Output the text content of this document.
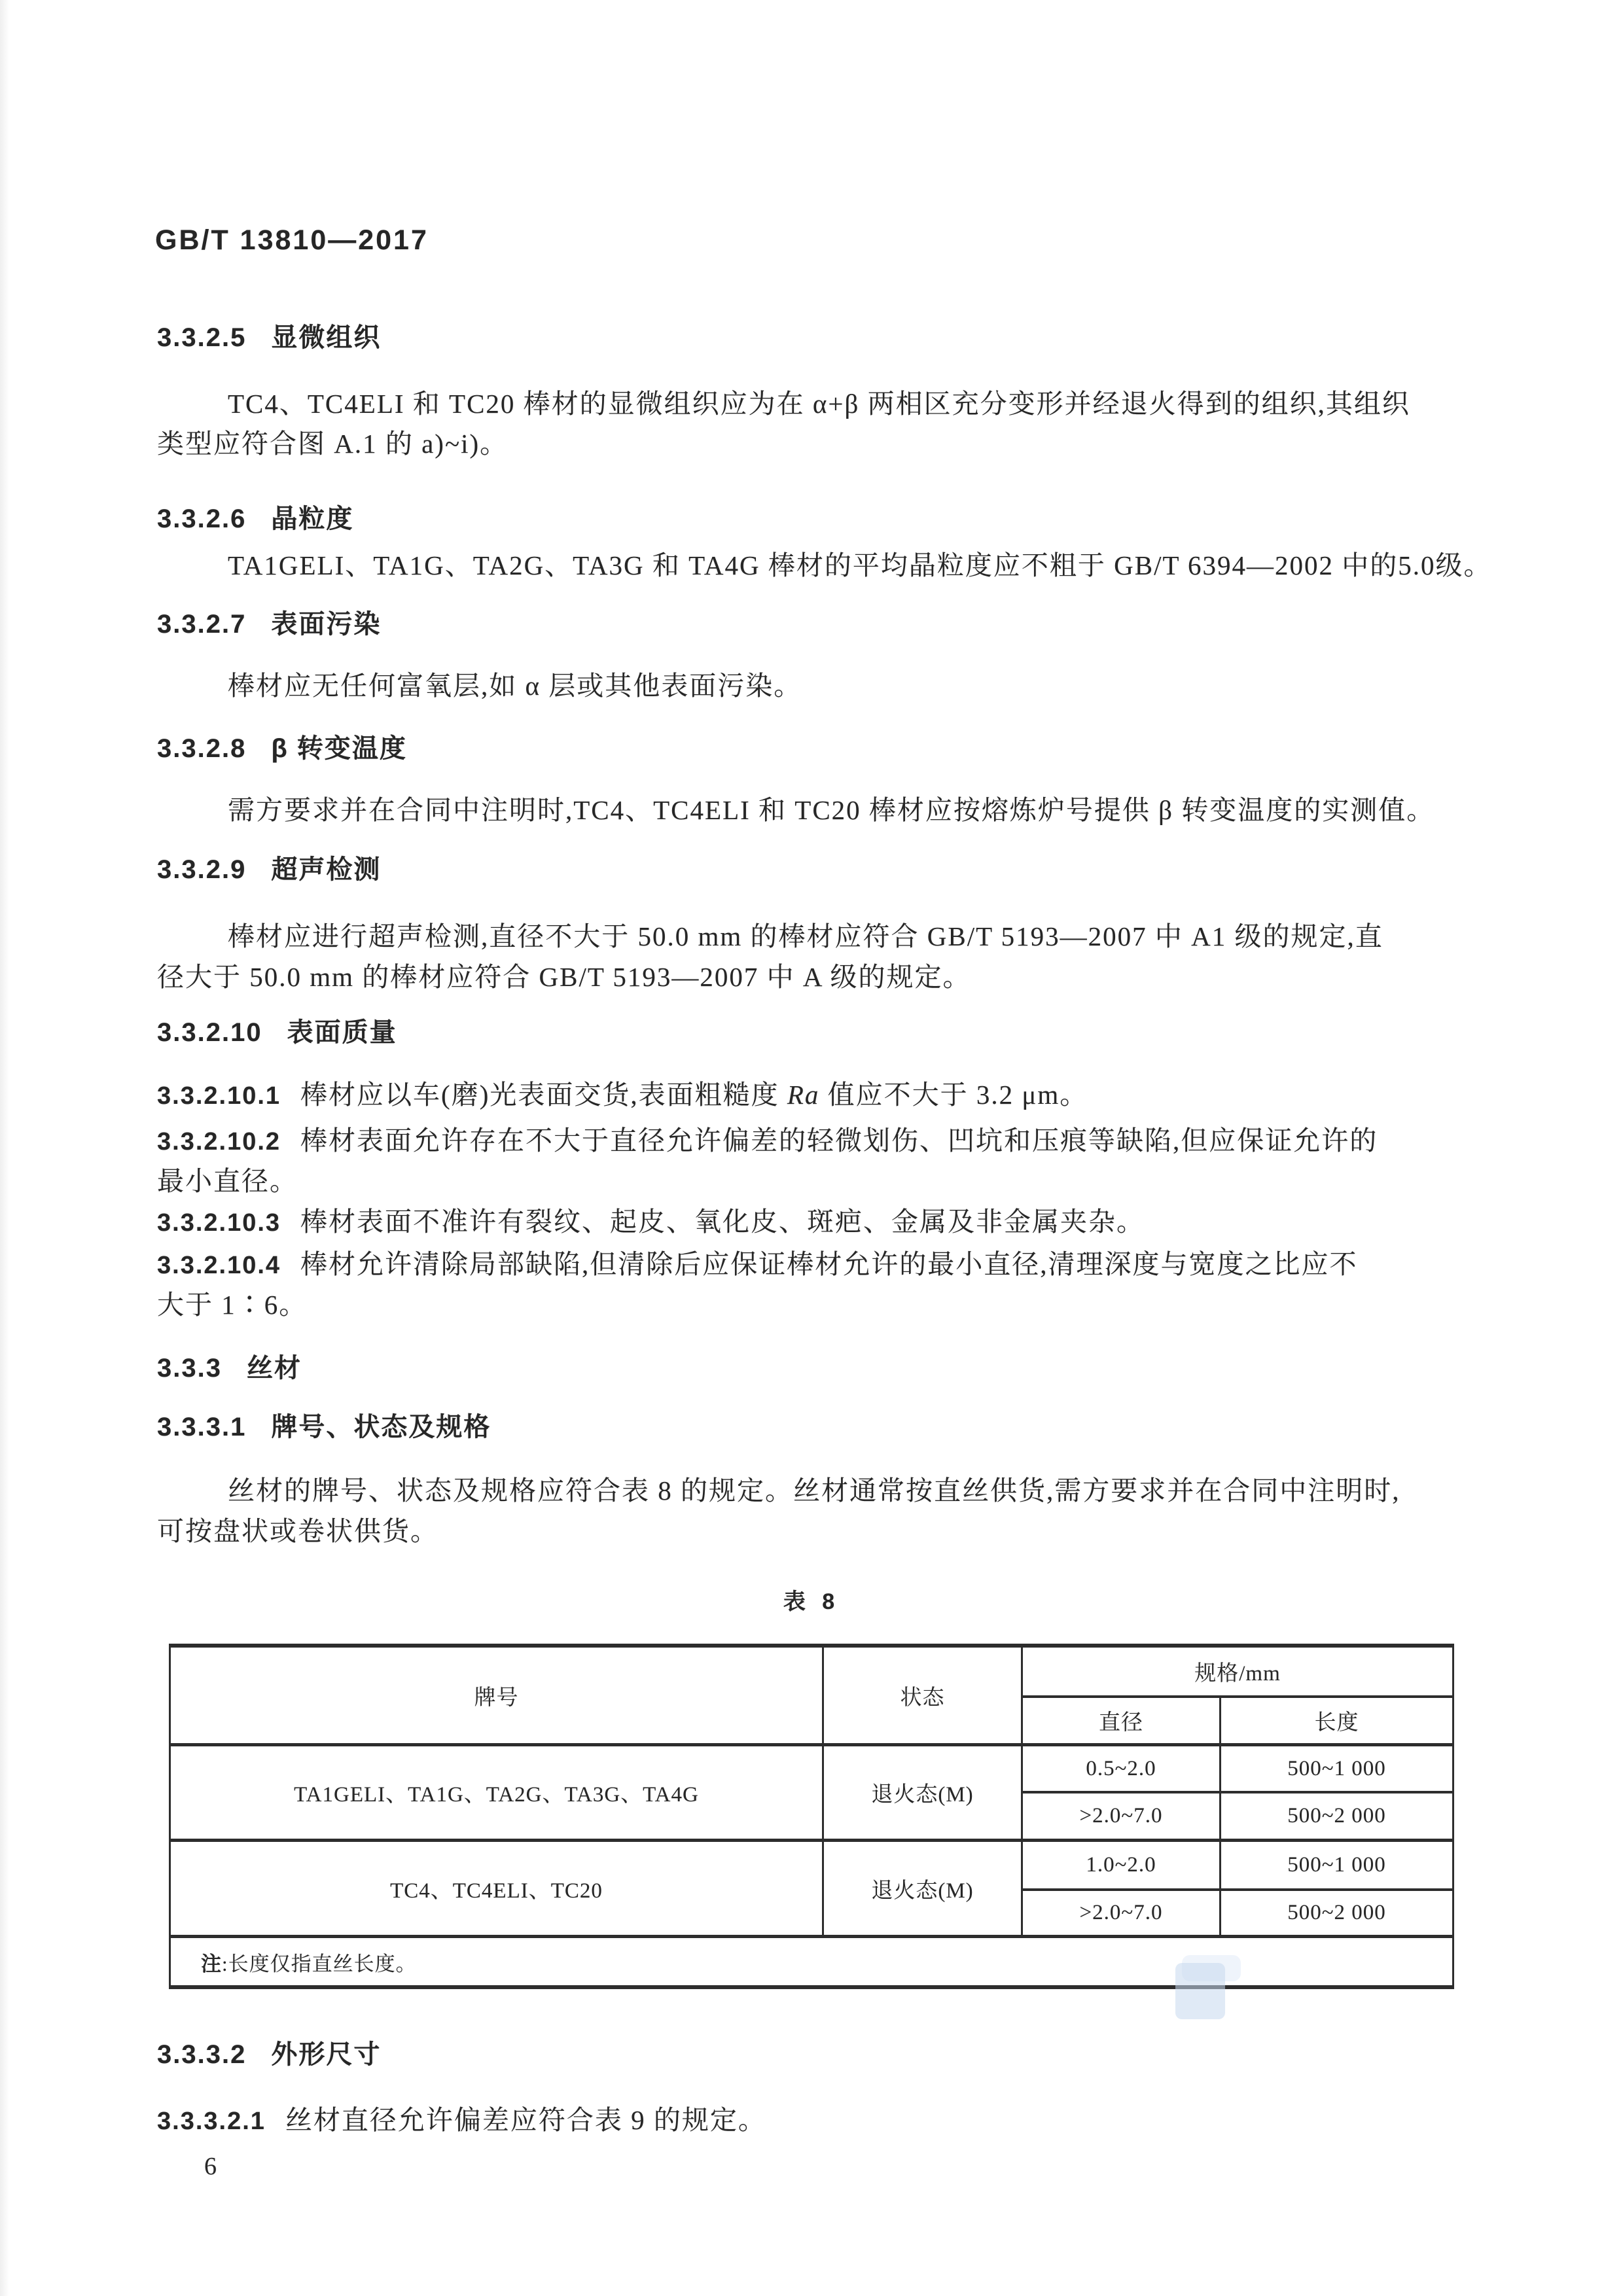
GB/T 13810—2017
3.3.2.5 显微组织
TC4、TC4ELI 和 TC20 棒材的显微组织应为在 α+β 两相区充分变形并经退火得到的组织,其组织
类型应符合图 A.1 的 a)~i)。
3.3.2.6 晶粒度
TA1GELI、TA1G、TA2G、TA3G 和 TA4G 棒材的平均晶粒度应不粗于 GB/T 6394—2002 中的5.0级。
3.3.2.7 表面污染
棒材应无任何富氧层,如 α 层或其他表面污染。
3.3.2.8 β 转变温度
需方要求并在合同中注明时,TC4、TC4ELI 和 TC20 棒材应按熔炼炉号提供 β 转变温度的实测值。
3.3.2.9 超声检测
棒材应进行超声检测,直径不大于 50.0 mm 的棒材应符合 GB/T 5193—2007 中 A1 级的规定,直
径大于 50.0 mm 的棒材应符合 GB/T 5193—2007 中 A 级的规定。
3.3.2.10 表面质量
3.3.2.10.1 棒材应以车(磨)光表面交货,表面粗糙度 Ra 值应不大于 3.2 μm。
3.3.2.10.2 棒材表面允许存在不大于直径允许偏差的轻微划伤、凹坑和压痕等缺陷,但应保证允许的
最小直径。
3.3.2.10.3 棒材表面不准许有裂纹、起皮、氧化皮、斑疤、金属及非金属夹杂。
3.3.2.10.4 棒材允许清除局部缺陷,但清除后应保证棒材允许的最小直径,清理深度与宽度之比应不
大于 1∶6。
3.3.3 丝材
3.3.3.1 牌号、状态及规格
丝材的牌号、状态及规格应符合表 8 的规定。丝材通常按直丝供货,需方要求并在合同中注明时,
可按盘状或卷状供货。
表 8
牌号	状态
规格/mm
直径	长度
TA1GELI、TA1G、TA2G、TA3G、TA4G	退火态(M)
0.5~2.0	500~1 000
>2.0~7.0	500~2 000
TC4、TC4ELI、TC20	退火态(M)
1.0~2.0	500~1 000
>2.0~7.0	500~2 000
注 :长度仅指直丝长度。
3.3.3.2 外形尺寸
3.3.3.2.1 丝材直径允许偏差应符合表 9 的规定。
6
